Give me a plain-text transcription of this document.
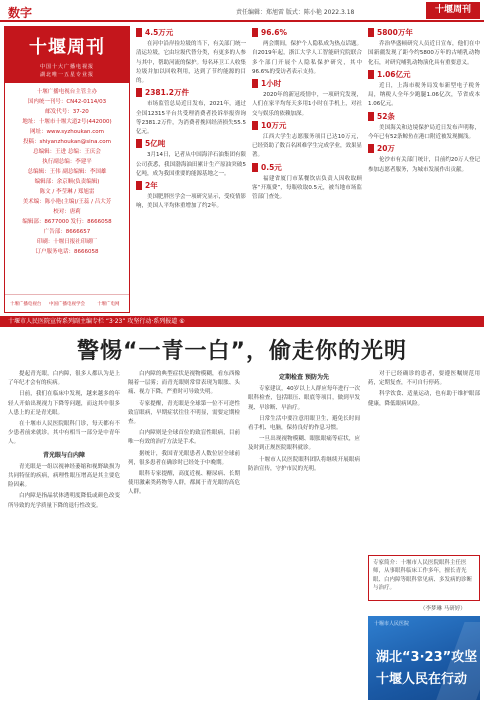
数字	责任编辑：郑旭雷 版式：陈小艳 2022.3.18	十堰周刊
十堰周刊
中国十大广播电视报
湖北唯一五星专业报
十堰广播电视台主管主办
国内统一刊号：CN42-0114/03
邮发代号：37-20
地址：十堰市十堰大道2号(442000)
网址：www.syzhoukan.com
投稿：shiyanzhoukan@sina.com
总编辑：王进 总编：王庆会
执行副总编：李建平
总编辑：王伟 副总编辑：李国雄
编辑部：余京顺(负责编辑)
陈文 / 李莹琳 / 郑旭雷
美术编：陈小艳(主编)/王蕊 / 吕大芳
校对：唐莉
编辑部：8677000 发行：8666058
广告部：8666657
印刷：十堰日报社印刷厂
订户服务电话：8666058
十堰广播电视台	中国广播电视学会	十堰广电网
4.5万元
在河中沿岸捡垃圾的当下，有关部门统一清运垃圾，它由垃圾代替分类，有更多的人参与其中，帮助河流的保护。每名环卫工人收集垃圾并加以回收利用，达到了节约能源的目的。
2381.2万件
市场监管总局近日发布，2021年，通过全国12315平台共受理消费者投诉举报咨询等2381.2万件，为消费者挽回经济损失55.5亿元。
5亿吨
3月14日，记者从中国海洋石油集团有限公司获悉，我国渤海油田累计生产原油突破5亿吨，成为我国重要的能源基地之一。
2年
美国肥胖医学会一项研究显示，受疫情影响，美国人平均体重增加了约2年。
96.6%
两会期间，保护个人隐私成为热点话题。自2019年起，浙江大学人工智能研究院联合多个部门开展个人隐私保护研究，其中96.6%的受访者表示支持。
1小时
2020年的新冠疫情中，一项研究发现，人们在家平均每天多用1小时在手机上，对社交与娱乐的依赖加深。
10万元
江西大学生志愿服务项目已达10万元，已经资助了数百名困难学生完成学业，效果显著。
0.5元
福建省厦门市某餐饮店负责人因收取顾客“开瓶费”，每瓶收取0.5元，被当地市场监管部门查处。
5800万年
乔治华盛顿研究人员近日宣布，他们在中国新疆发现了距今约5800万年的古哺乳动物化石，对研究哺乳动物演化具有重要意义。
1.06亿元
近日，上海市税务局发布新型电子税务局，纳税人全年少跑腿1.06亿次，节省成本1.06亿元。
52条
美国海关和边境保护局近日发布声明称，今年已有52条鲸鱼在港口附近被发现搁浅。
20万
伦沙市有关部门统计，目前约20万人登记参加志愿者服务，为城市发展作出贡献。
十堰市人民医院宣传系列副主编专栏 “3·23” 攻坚行动·系列报道 ⑥
警惕“一青一白”，偷走你的光明
提起青光眼，白内障，很多人都认为是上了年纪才会有的疾病。
日前，我们在临床中发现，越来越多的年轻人开始出现视力下降等问题，而这其中很多人患上的正是青光眼。
在十堰市人民医院眼科门诊，每天都有不少患者前来就诊。其中有相当一部分是中青年人。
青光眼与白内障
青光眼是一组以视神经萎缩和视野缺损为共同特征的疾病，病理性眼压增高是其主要危险因素。
白内障是指晶状体透明度降低或颜色改变所导致的光学质量下降的退行性改变。
白内障的典型症状是视物模糊，看东西像隔着一层雾；而青光眼则常常表现为眼胀、头痛、视力下降，严重时可导致失明。
专家提醒，青光眼是全球第一位不可逆性致盲眼病，早期症状往往不明显，需要定期检查。
白内障则是全球首位的致盲性眼病，目前唯一有效的治疗方法是手术。
据统计，我国青光眼患者人数位居全球前列，很多患者在确诊时已经处于中晚期。
眼科专家提醒，高度近视、糖尿病、长期使用激素类药物等人群，都属于青光眼的高危人群。
定期检查 预防为先
专家建议，40岁以上人群应每年进行一次眼科检查，包括眼压、眼底等项目，做到早发现、早诊断、早治疗。
日常生活中要注意用眼卫生，避免长时间看手机、电脑，保持良好的作息习惯。
一旦出现视物模糊、眼胀眼痛等症状，应及时到正规医院眼科就诊。
十堰市人民医院眼科团队将继续开展眼病防治宣传，守护市民的光明。
对于已经确诊的患者，要遵医嘱规范用药，定期复查，不可自行停药。
科学饮食、适量运动，也有助于维护眼部健康，降低眼病风险。
专家简介：十堰市人民医院眼科主任医师，从事眼科临床工作多年，擅长青光眼、白内障等眼科常见病、多发病的诊断与治疗。
（李梦琳 马研婷）
十堰市人民医院
湖北“3·23”攻坚
十堰人民在行动
